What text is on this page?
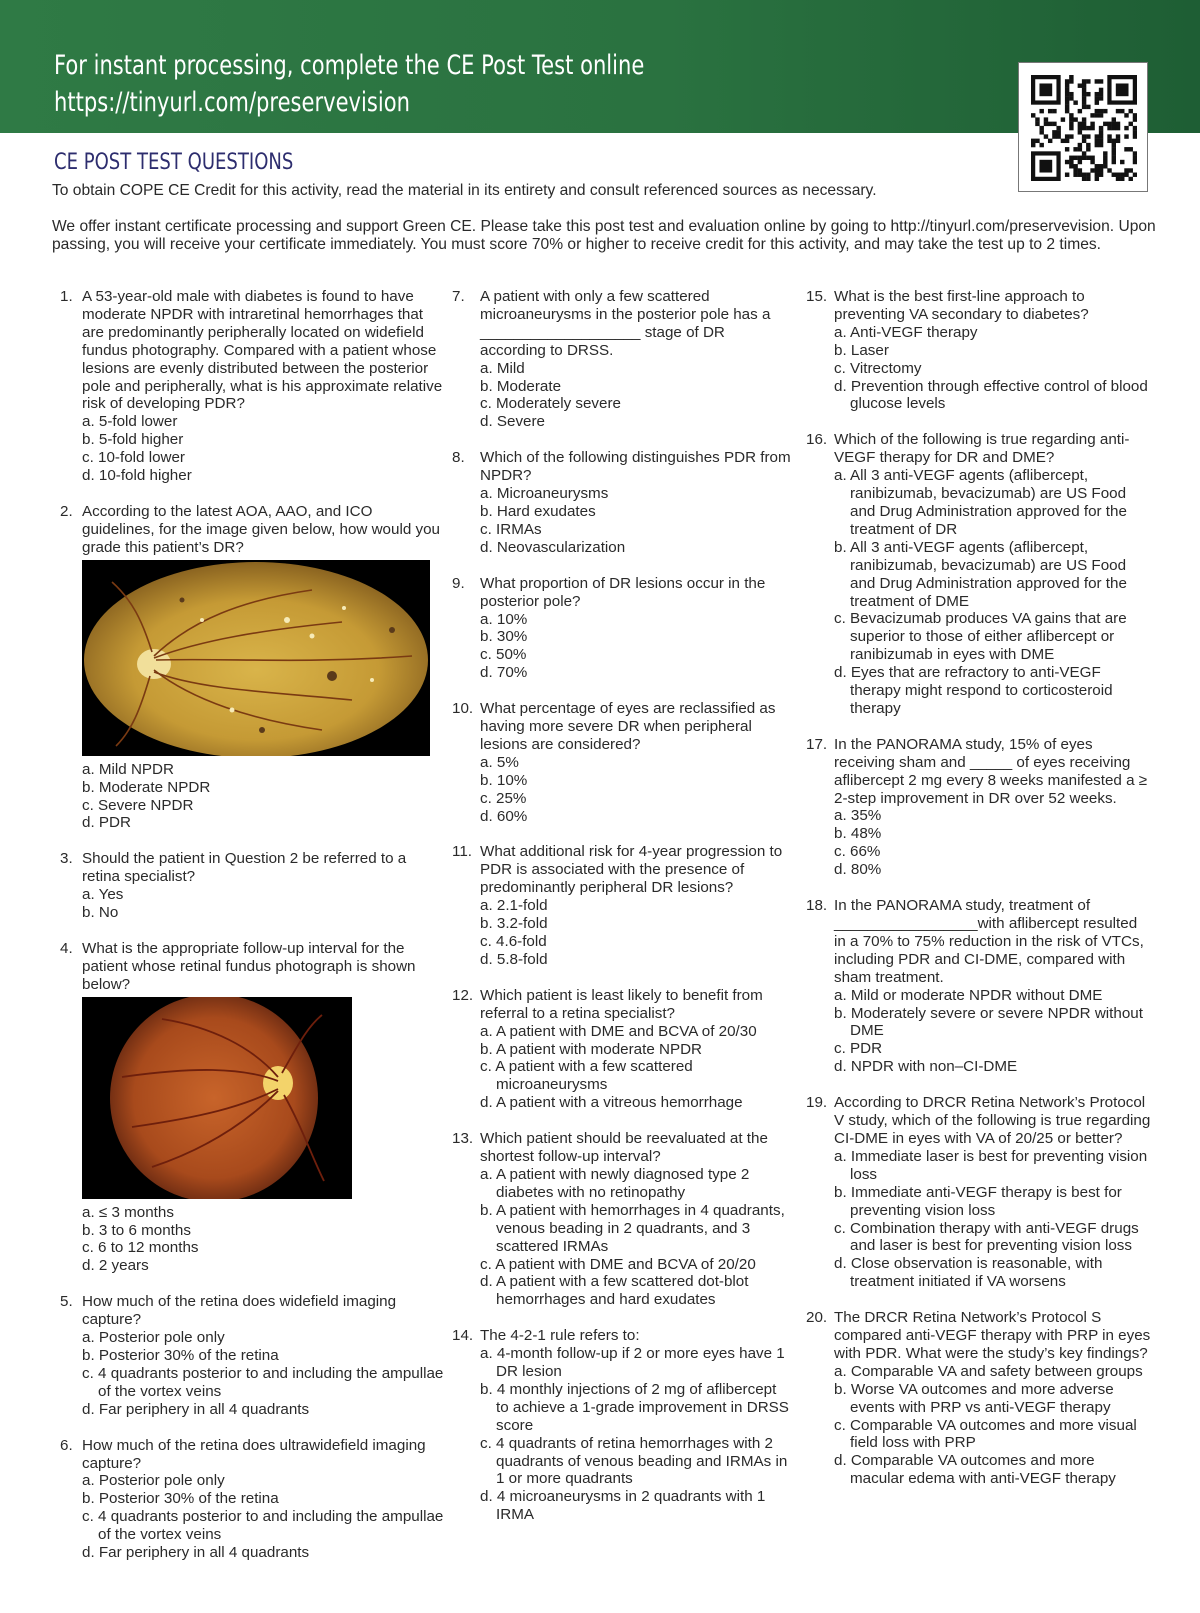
For instant processing, complete the CE Post Test online
https://tinyurl.com/preservevision
CE POST TEST QUESTIONS
To obtain COPE CE Credit for this activity, read the material in its entirety and consult referenced sources as necessary.
We offer instant certificate processing and support Green CE. Please take this post test and evaluation online by going to http://tinyurl.com/preservevision. Upon passing, you will receive your certificate immediately. You must score 70% or higher to receive credit for this activity, and may take the test up to 2 times.
1. A 53-year-old male with diabetes is found to have moderate NPDR with intraretinal hemorrhages that are predominantly peripherally located on widefield fundus photography. Compared with a patient whose lesions are evenly distributed between the posterior pole and peripherally, what is his approximate relative risk of developing PDR?
a. 5-fold lower
b. 5-fold higher
c. 10-fold lower
d. 10-fold higher
2. According to the latest AOA, AAO, and ICO guidelines, for the image given below, how would you grade this patient’s DR?
a. Mild NPDR
b. Moderate NPDR
c. Severe NPDR
d. PDR
3. Should the patient in Question 2 be referred to a retina specialist?
a. Yes
b. No
4. What is the appropriate follow-up interval for the patient whose retinal fundus photograph is shown below?
a. ≤ 3 months
b. 3 to 6 months
c. 6 to 12 months
d. 2 years
5. How much of the retina does widefield imaging capture?
a. Posterior pole only
b. Posterior 30% of the retina
c. 4 quadrants posterior to and including the ampullae of the vortex veins
d. Far periphery in all 4 quadrants
6. How much of the retina does ultrawidefield imaging capture?
a. Posterior pole only
b. Posterior 30% of the retina
c. 4 quadrants posterior to and including the ampullae of the vortex veins
d. Far periphery in all 4 quadrants
7.	A patient with only a few scattered microaneurysms in the posterior pole has a ___________________ stage of DR according to DRSS.
a. Mild
b. Moderate
c. Moderately severe
d. Severe
8.	Which of the following distinguishes PDR from NPDR?
a. Microaneurysms
b. Hard exudates
c. IRMAs
d. Neovascularization
9.	What proportion of DR lesions occur in the posterior pole?
a. 10%
b. 30%
c. 50%
d. 70%
10. What percentage of eyes are reclassified as having more severe DR when peripheral lesions are considered?
a. 5%
b. 10%
c. 25%
d. 60%
11. What additional risk for 4-year progression to PDR is associated with the presence of predominantly peripheral DR lesions?
a. 2.1-fold
b. 3.2-fold
c. 4.6-fold
d. 5.8-fold
12. Which patient is least likely to benefit from referral to a retina specialist?
a. A patient with DME and BCVA of 20/30
b. A patient with moderate NPDR
c. A patient with a few scattered microaneurysms
d. A patient with a vitreous hemorrhage
13. Which patient should be reevaluated at the shortest follow-up interval?
a. A patient with newly diagnosed type 2 diabetes with no retinopathy
b. A patient with hemorrhages in 4 quadrants, venous beading in 2 quadrants, and 3 scattered IRMAs
c. A patient with DME and BCVA of 20/20
d. A patient with a few scattered dot-blot hemorrhages and hard exudates
14. The 4-2-1 rule refers to:
a. 4-month follow-up if 2 or more eyes have 1 DR lesion
b. 4 monthly injections of 2 mg of aflibercept to achieve a 1-grade improvement in DRSS score
c. 4 quadrants of retina hemorrhages with 2 quadrants of venous beading and IRMAs in 1 or more quadrants
d. 4 microaneurysms in 2 quadrants with 1 IRMA
15. What is the best first-line approach to preventing VA secondary to diabetes?
a. Anti-VEGF therapy
b. Laser
c. Vitrectomy
d. Prevention through effective control of blood glucose levels
16. Which of the following is true regarding anti-VEGF therapy for DR and DME?
a. All 3 anti-VEGF agents (aflibercept, ranibizumab, bevacizumab) are US Food and Drug Administration approved for the treatment of DR
b. All 3 anti-VEGF agents (aflibercept, ranibizumab, bevacizumab) are US Food and Drug Administration approved for the treatment of DME
c. Bevacizumab produces VA gains that are superior to those of either aflibercept or ranibizumab in eyes with DME
d. Eyes that are refractory to anti-VEGF therapy might respond to corticosteroid therapy
17. In the PANORAMA study, 15% of eyes receiving sham and _____ of eyes receiving aflibercept 2 mg every 8 weeks manifested a ≥ 2-step improvement in DR over 52 weeks.
a. 35%
b. 48%
c. 66%
d. 80%
18. In the PANORAMA study, treatment of _________________with aflibercept resulted in a 70% to 75% reduction in the risk of VTCs, including PDR and CI-DME, compared with sham treatment.
a. Mild or moderate NPDR without DME
b. Moderately severe or severe NPDR without DME
c. PDR
d. NPDR with non–CI-DME
19. According to DRCR Retina Network’s Protocol V study, which of the following is true regarding CI-DME in eyes with VA of 20/25 or better?
a. Immediate laser is best for preventing vision loss
b. Immediate anti-VEGF therapy is best for preventing vision loss
c. Combination therapy with anti-VEGF drugs and laser is best for preventing vision loss
d. Close observation is reasonable, with treatment initiated if VA worsens
20. The DRCR Retina Network’s Protocol S compared anti-VEGF therapy with PRP in eyes with PDR. What were the study’s key findings?
a. Comparable VA and safety between groups
b. Worse VA outcomes and more adverse events with PRP vs anti-VEGF therapy
c. Comparable VA outcomes and more visual field loss with PRP
d. Comparable VA outcomes and more macular edema with anti-VEGF therapy
